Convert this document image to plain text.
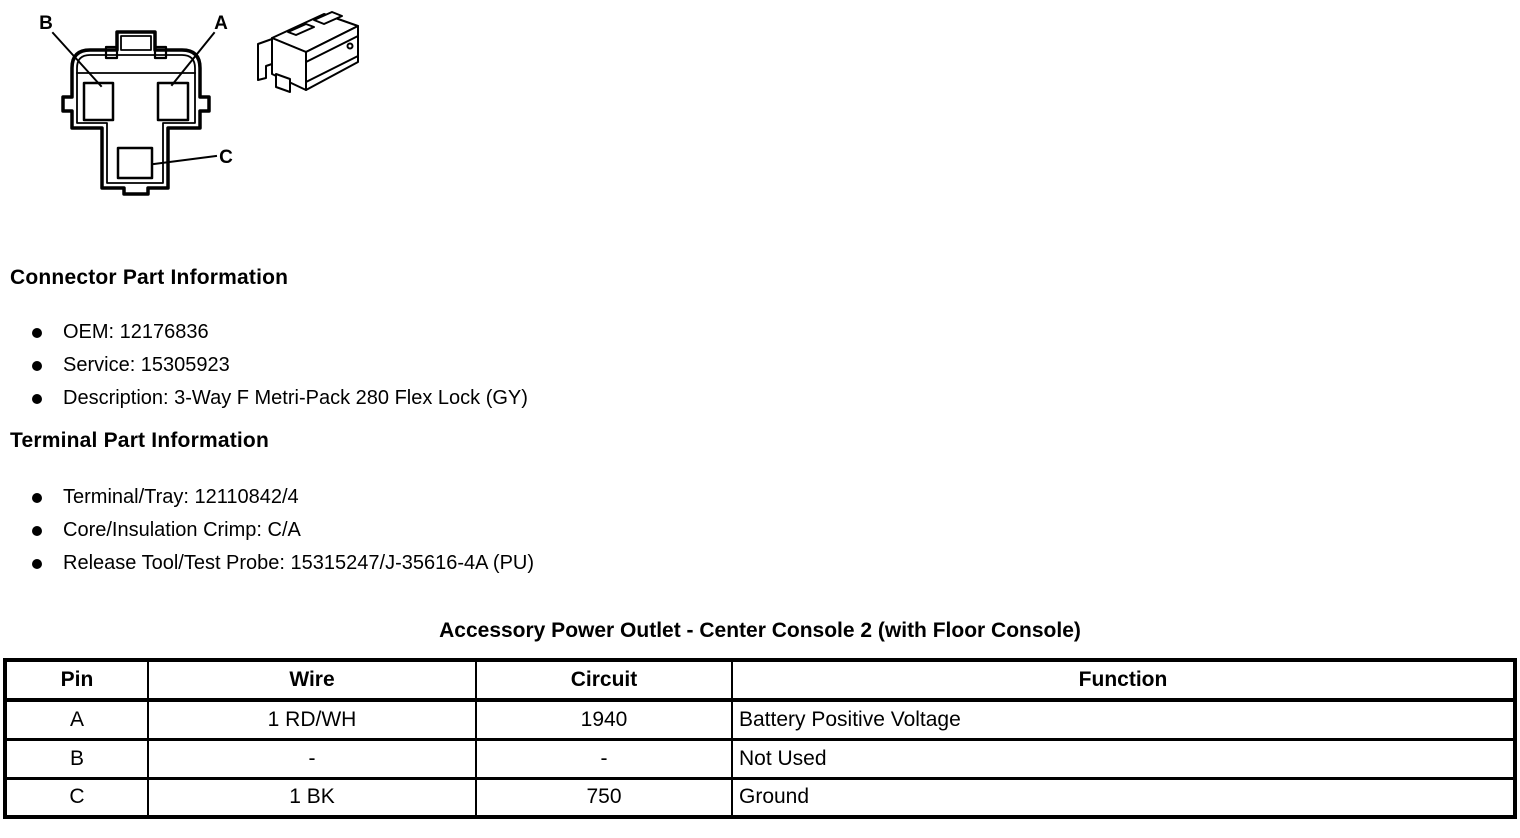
B	A
C
Connector Part Information
OEM: 12176836
Service: 15305923
Description: 3-Way F Metri-Pack 280 Flex Lock (GY)
Terminal Part Information
Terminal/Tray: 12110842/4
Core/Insulation Crimp: C/A
Release Tool/Test Probe: 15315247/J-35616-4A (PU)
Accessory Power Outlet - Center Console 2 (with Floor Console)
Pin	Wire	Circuit	Function
A	1 RD/WH	1940	Battery Positive Voltage
B	-	-	Not Used
C	1 BK	750	Ground
